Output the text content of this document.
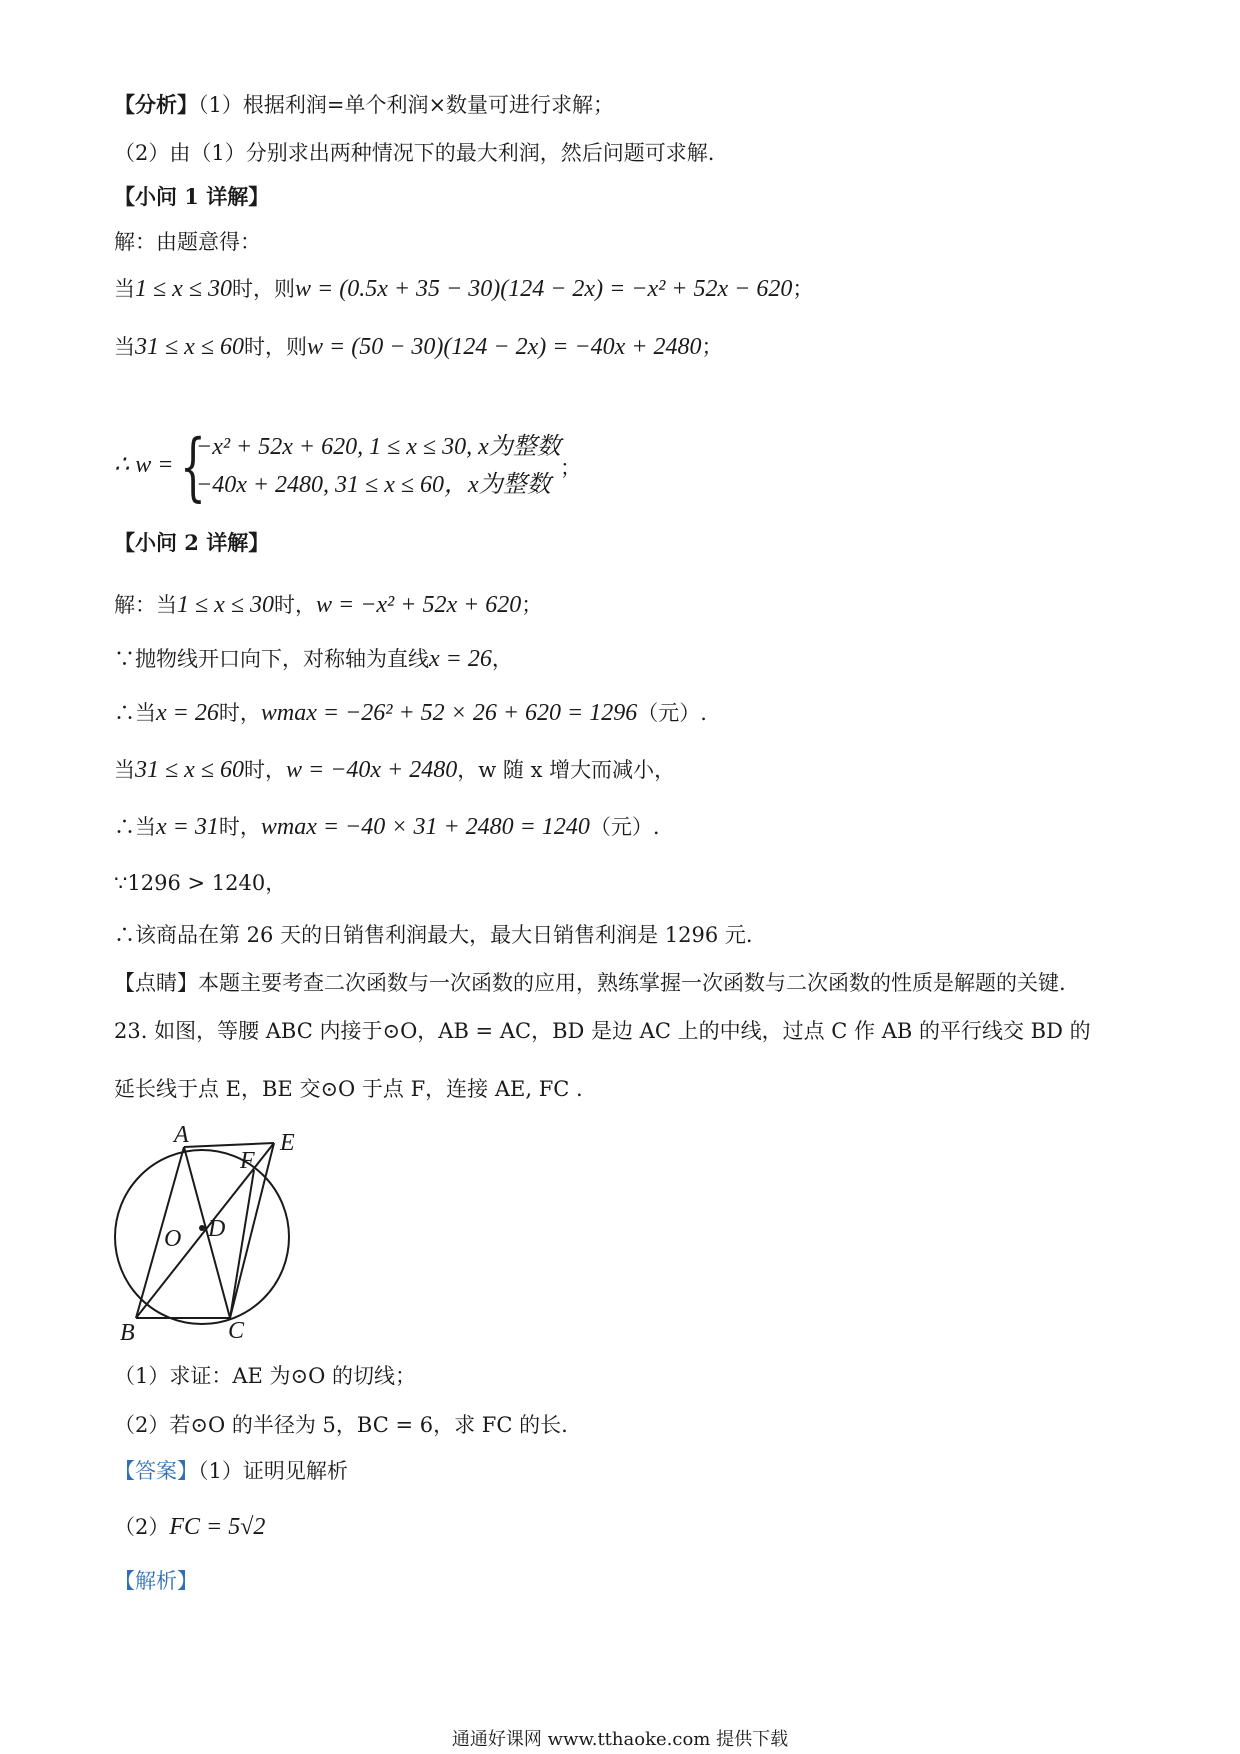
【分析】（1）根据利润=单个利润×数量可进行求解；
（2）由（1）分别求出两种情况下的最大利润，然后问题可求解.
【小问 1 详解】
解：由题意得：
当1 ≤ x ≤ 30时，则w = (0.5x + 35 − 30)(124 − 2x) = −x² + 52x − 620；
当31 ≤ x ≤ 60时，则w = (50 − 30)(124 − 2x) = −40x + 2480；
∴ w = {
−x² + 52x + 620, 1 ≤ x ≤ 30, x为整数
−40x + 2480, 31 ≤ x ≤ 60，x为整数
；
【小问 2 详解】
解：当1 ≤ x ≤ 30时，w = −x² + 52x + 620；
∵抛物线开口向下，对称轴为直线x = 26，
∴当x = 26时，wmax = −26² + 52 × 26 + 620 = 1296（元）.
当31 ≤ x ≤ 60时，w = −40x + 2480，w 随 x 增大而减小，
∴当x = 31时，wmax = −40 × 31 + 2480 = 1240（元）.
∵1296 > 1240，
∴该商品在第 26 天的日销售利润最大，最大日销售利润是 1296 元.
【点睛】本题主要考查二次函数与一次函数的应用，熟练掌握一次函数与二次函数的性质是解题的关键.
23. 如图，等腰 ABC 内接于⊙O，AB = AC，BD 是边 AC 上的中线，过点 C 作 AB 的平行线交 BD 的
延长线于点 E，BE 交⊙O 于点 F，连接 AE, FC .
A
B	C
D
E
F
O
（1）求证：AE 为⊙O 的切线；
（2）若⊙O 的半径为 5，BC = 6，求 FC 的长.
【答案】（1）证明见解析
（2）FC = 5√2
【解析】
通通好课网 www.tthaoke.com 提供下载
